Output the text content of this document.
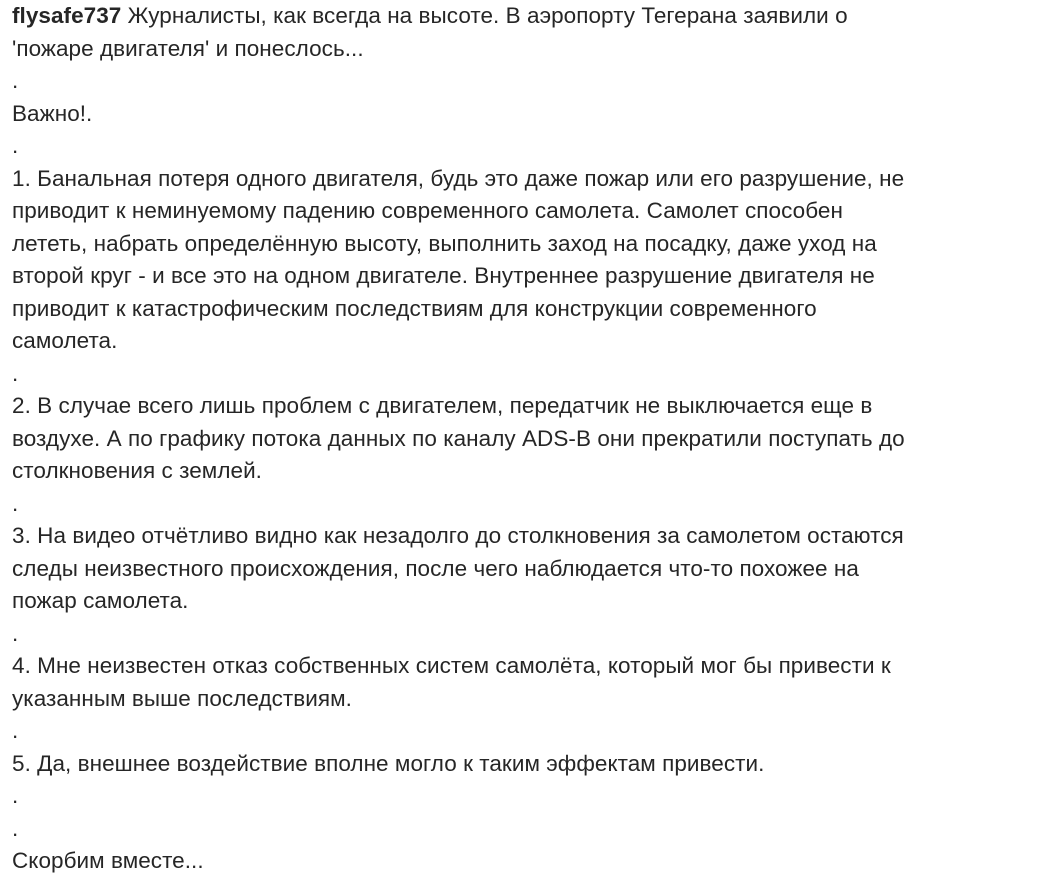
flysafe737 Журналисты, как всегда на высоте. В аэропорту Тегерана заявили о
'пожаре двигателя' и понеслось...
.
Важно!.
.
1. Банальная потеря одного двигателя, будь это даже пожар или его разрушение, не
приводит к неминуемому падению современного самолета. Самолет способен
лететь, набрать определённую высоту, выполнить заход на посадку, даже уход на
второй круг - и все это на одном двигателе. Внутреннее разрушение двигателя не
приводит к катастрофическим последствиям для конструкции современного
самолета.
.
2. В случае всего лишь проблем с двигателем, передатчик не выключается еще в
воздухе. А по графику потока данных по каналу ADS-B они прекратили поступать до
столкновения с землей.
.
3. На видео отчётливо видно как незадолго до столкновения за самолетом остаются
следы неизвестного происхождения, после чего наблюдается что-то похожее на
пожар самолета.
.
4. Мне неизвестен отказ собственных систем самолёта, который мог бы привести к
указанным выше последствиям.
.
5. Да, внешнее воздействие вполне могло к таким эффектам привести.
.
.
Скорбим вместе...
